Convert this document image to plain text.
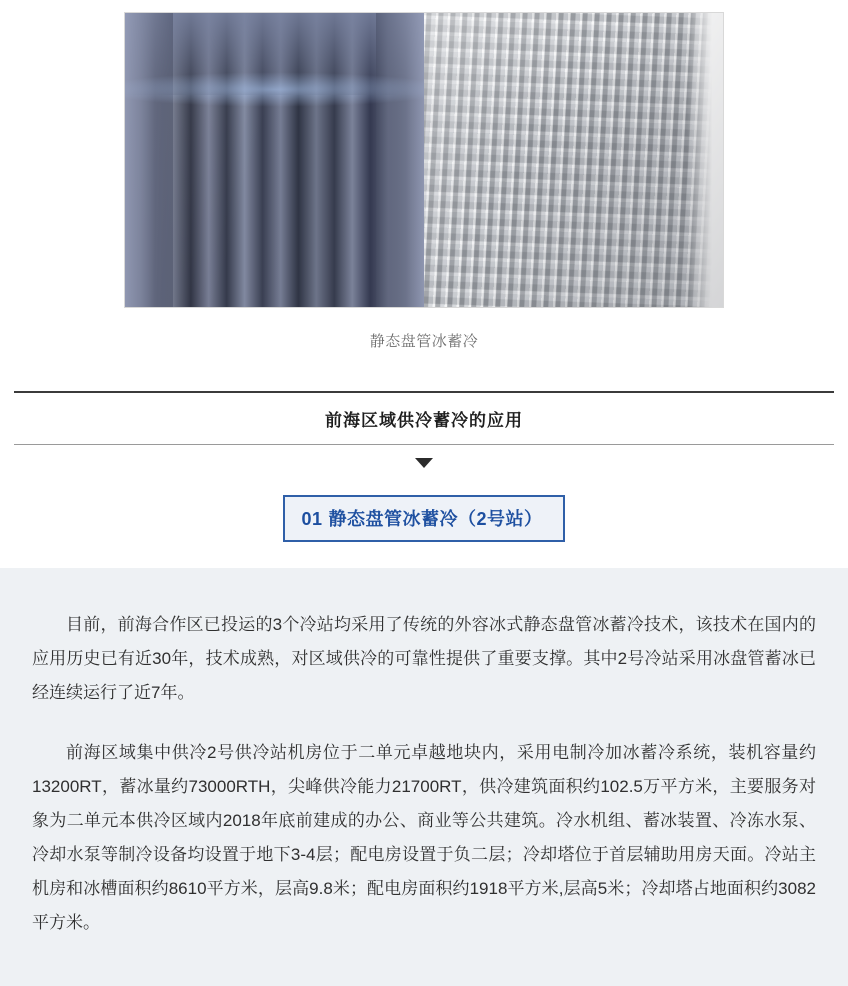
静态盘管冰蓄冷
前海区域供冷蓄冷的应用
01 静态盘管冰蓄冷（2号站）

目前，前海合作区已投运的3个冷站均采用了传统的外容冰式静态盘管冰蓄冷技术，该技术在国内的应用历史已有近30年，技术成熟，对区域供冷的可靠性提供了重要支撑。其中2号冷站采用冰盘管蓄冰已经连续运行了近7年。

前海区域集中供冷2号供冷站机房位于二单元卓越地块内，采用电制冷加冰蓄冷系统，装机容量约13200RT，蓄冰量约73000RTH，尖峰供冷能力21700RT，供冷建筑面积约102.5万平方米，主要服务对象为二单元本供冷区域内2018年底前建成的办公、商业等公共建筑。冷水机组、蓄冰装置、冷冻水泵、冷却水泵等制冷设备均设置于地下3-4层；配电房设置于负二层；冷却塔位于首层辅助用房天面。冷站主机房和冰槽面积约8610平方米，层高9.8米；配电房面积约1918平方米,层高5米；冷却塔占地面积约3082平方米。
